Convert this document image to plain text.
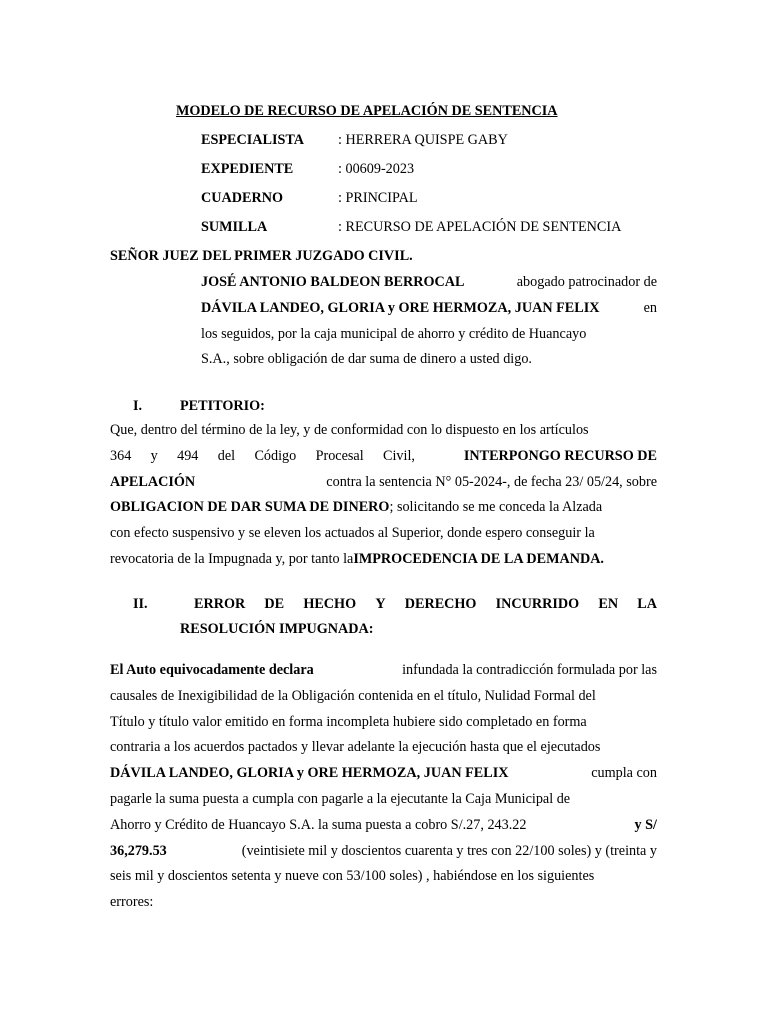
MODELO DE RECURSO DE APELACIÓN DE SENTENCIA
ESPECIALISTA : HERRERA QUISPE GABY
EXPEDIENTE	: 00609-2023
CUADERNO	: PRINCIPAL
SUMILLA	: RECURSO DE APELACIÓN DE SENTENCIA
SEÑOR JUEZ DEL PRIMER JUZGADO CIVIL.
JOSÉ ANTONIO BALDEON BERROCAL	abogado patrocinador de
DÁVILA LANDEO, GLORIA y ORE HERMOZA, JUAN FELIX	en
los seguidos, por la caja municipal de ahorro y crédito de Huancayo
S.A., sobre obligación de dar suma de dinero a usted digo.
I.	PETITORIO:
Que, dentro del término de la ley, y de conformidad con lo dispuesto en los artículos
364 y 494 del Código Procesal Civil,	INTERPONGO RECURSO DE
APELACIÓN	contra la sentencia N° 05-2024-, de fecha 23/ 05/24, sobre
OBLIGACION DE DAR SUMA DE DINERO; solicitando se me conceda la Alzada
con efecto suspensivo y se eleven los actuados al Superior, donde espero conseguir la
revocatoria de la Impugnada y, por tanto la IMPROCEDENCIA DE LA DEMANDA.
II.	ERROR DE HECHO Y DERECHO INCURRIDO EN LA
RESOLUCIÓN IMPUGNADA:
El Auto equivocadamente declara	infundada la contradicción formulada por las
causales de Inexigibilidad de la Obligación contenida en el título, Nulidad Formal del
Título y título valor emitido en forma incompleta hubiere sido completado en forma
contraria a los acuerdos pactados y llevar adelante la ejecución hasta que el ejecutados
DÁVILA LANDEO, GLORIA y ORE HERMOZA, JUAN FELIX	cumpla con
pagarle la suma puesta a cumpla con pagarle a la ejecutante la Caja Municipal de
Ahorro y Crédito de Huancayo S.A. la suma puesta a cobro S/.27, 243.22	y S/
36,279.53	(veintisiete mil y doscientos cuarenta y tres con 22/100 soles) y (treinta y
seis mil y doscientos setenta y nueve con 53/100 soles) , habiéndose en los siguientes
errores:
